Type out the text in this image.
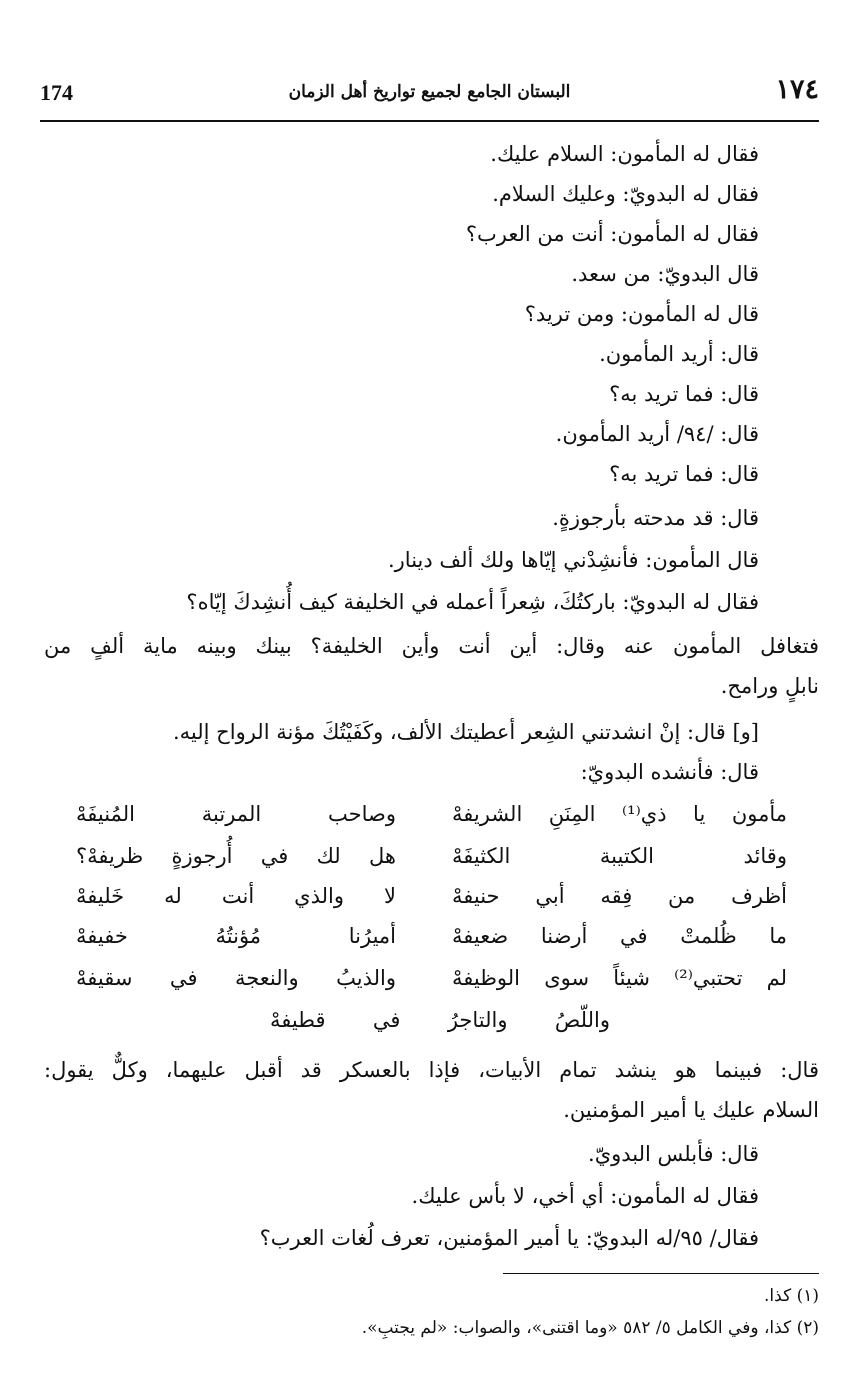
174	البستان الجامع لجميع تواريخ أهل الزمان	١٧٤
فقال له المأمون: السلام عليك.
فقال له البدويّ: وعليك السلام.
فقال له المأمون: أنت من العرب؟
قال البدويّ: من سعد.
قال له المأمون: ومن تريد؟
قال: أريد المأمون.
قال: فما تريد به؟
قال: /٩٤/ أريد المأمون.
قال: فما تريد به؟
قال: قد مدحته بأرجوزةٍ.
قال المأمون: فأنشِدْني إيّاها ولك ألف دينار.
فقال له البدويّ: باركتُكَ، شِعراً أعمله في الخليفة كيف أُنشِدكَ إيّاه؟
فتغافل المأمون عنه وقال: أين أنت وأين الخليفة؟ بينك وبينه ماية ألفٍ من
نابلٍ ورامح.
[و] قال: إنْ انشدتني الشِعر أعطيتك الألف، وكَفَيْتُكَ مؤنة الرواح إليه.
قال: فأنشده البدويّ:
مأمون يا ذي⁽¹⁾ المِنَنِ الشريفهْ
وصاحب المرتبة المُنيفَهْ
وقائد الكتيبة الكثيفَهْ
هل لك في أُرجوزةٍ ظريفهْ؟
أظرف من فِقه أبي حنيفهْ
لا والذي أنت له خَليفهْ
ما ظُلمتْ في أرضنا ضعيفهْ
أميرُنا مُؤنتُهُ خفيفهْ
لم تحتبي⁽²⁾ شيئاً سوى الوظيفهْ
والذيبُ والنعجة في سقيفهْ
واللّصُ والتاجرُ في قطيفهْ
قال: فبينما هو ينشد تمام الأبيات، فإذا بالعسكر قد أقبل عليهما، وكلٌّ يقول:
السلام عليك يا أمير المؤمنين.
قال: فأبلس البدويّ.
فقال له المأمون: أي أخي، لا بأس عليك.
فقال/ ٩٥/له البدويّ: يا أمير المؤمنين، تعرف لُغات العرب؟
(١) كذا.
(٢) كذا، وفي الكامل ٥/ ٥٨٢ «وما اقتنى»، والصواب: «لم يجتبِ».
